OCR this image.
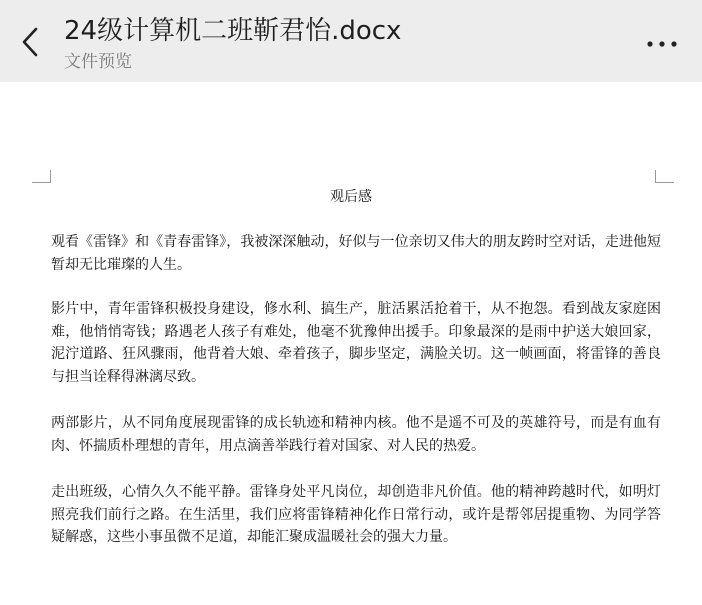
24级计算机二班靳君怡.docx
文件预览
观后感

观看《雷锋》和《青春雷锋》，我被深深触动，好似与一位亲切又伟大的朋友跨时空对话，走进他短暂却无比璀璨的人生。

影片中，青年雷锋积极投身建设，修水利、搞生产，脏活累活抢着干，从不抱怨。看到战友家庭困难，他悄悄寄钱；路遇老人孩子有难处，他毫不犹豫伸出援手。印象最深的是雨中护送大娘回家，泥泞道路、狂风骤雨，他背着大娘、牵着孩子，脚步坚定，满脸关切。这一帧画面，将雷锋的善良与担当诠释得淋漓尽致。

两部影片，从不同角度展现雷锋的成长轨迹和精神内核。他不是遥不可及的英雄符号，而是有血有肉、怀揣质朴理想的青年，用点滴善举践行着对国家、对人民的热爱。

走出班级，心情久久不能平静。雷锋身处平凡岗位，却创造非凡价值。他的精神跨越时代，如明灯照亮我们前行之路。在生活里，我们应将雷锋精神化作日常行动，或许是帮邻居提重物、为同学答疑解惑，这些小事虽微不足道，却能汇聚成温暖社会的强大力量。
